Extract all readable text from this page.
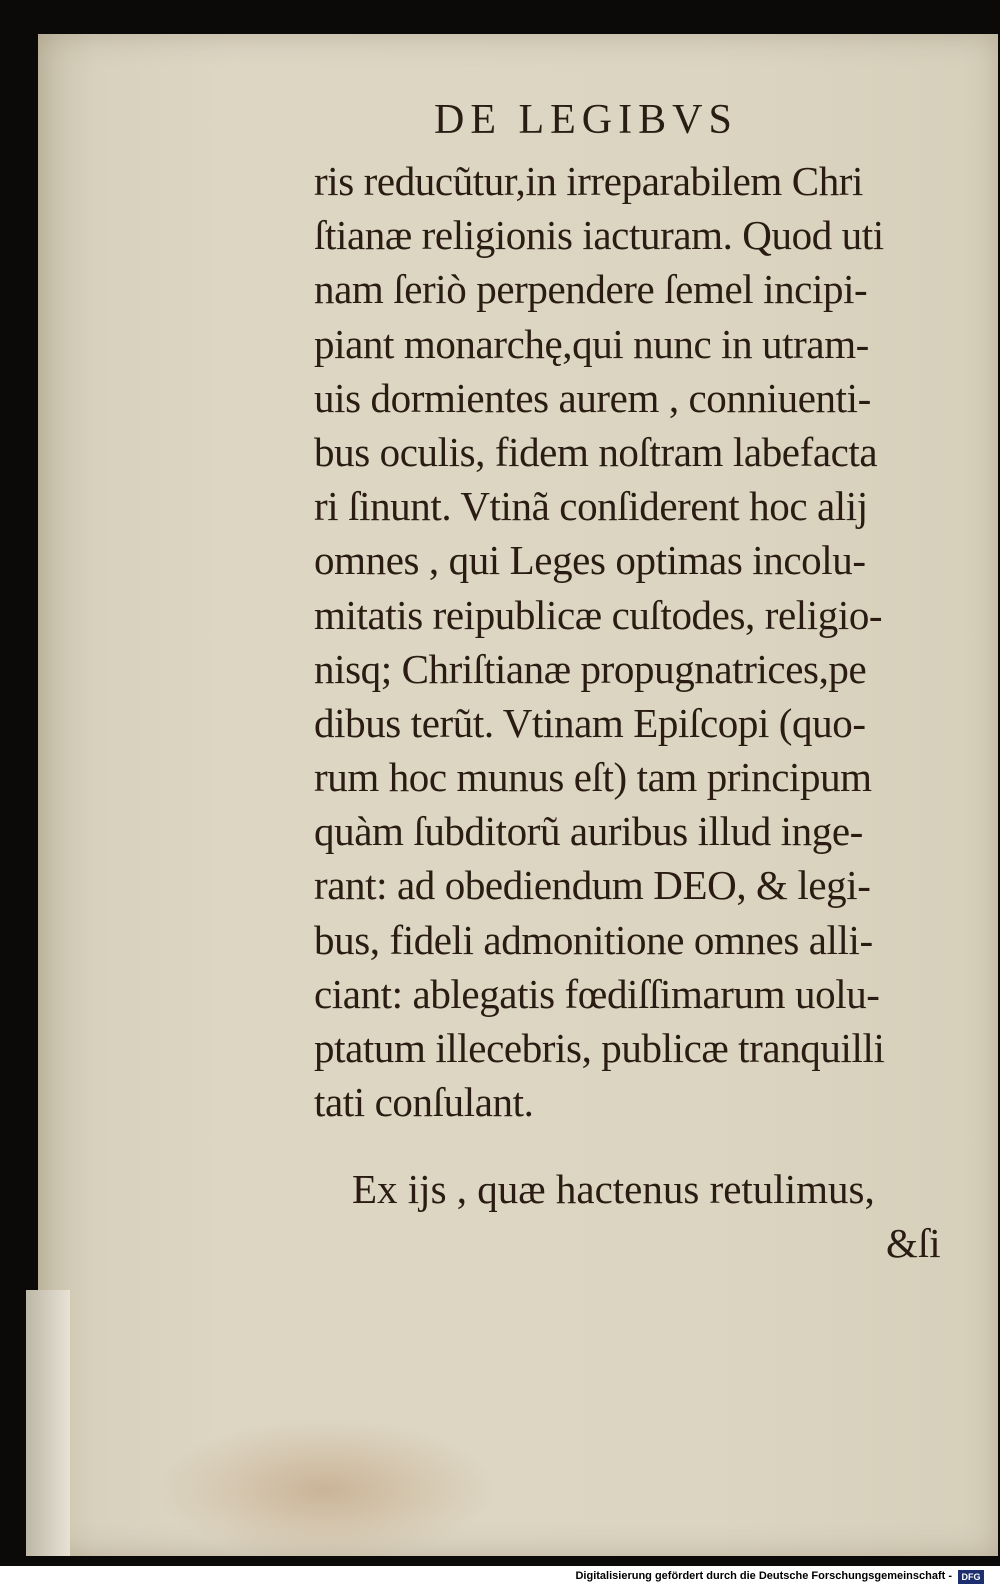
DE LEGIBVS
ris reducũtur,in irreparabilem Chri
ſtianæ religionis iacturam. Quod uti
nam ſeriò perpendere ſemel incipi-
piant monarchę,qui nunc in utram-
uis dormientes aurem , conniuenti-
bus oculis, fidem noſtram labefacta
ri ſinunt. Vtinã conſiderent hoc alij
omnes , qui Leges optimas incolu-
mitatis reipublicæ cuſtodes, religio-
nisq; Chriſtianæ propugnatrices,pe
dibus terũt. Vtinam Epiſcopi (quo-
rum hoc munus eſt) tam principum
quàm ſubditorũ auribus illud inge-
rant: ad obediendum DEO, & legi-
bus, fideli admonitione omnes alli-
ciant: ablegatis fœdiſſimarum uolu-
ptatum illecebris, publicæ tranquilli
tati conſulant.
Ex ijs , quæ hactenus retulimus,
&ſi
Digitalisierung gefördert durch die Deutsche Forschungsgemeinschaft -	DFG
